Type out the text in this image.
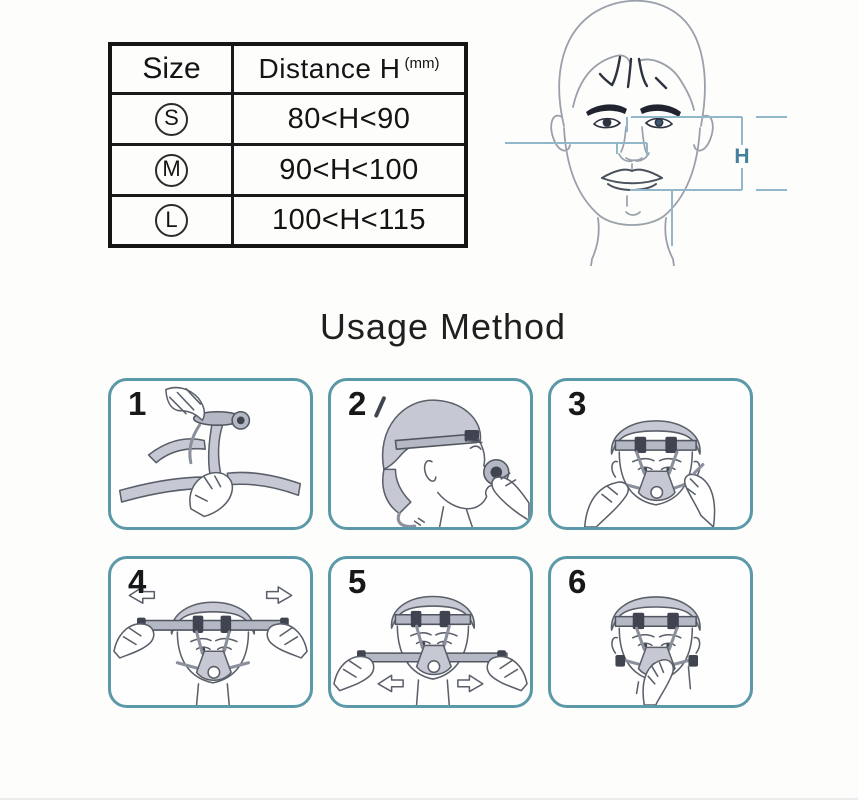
Size	Distance H (mm)
S	80<H<90
M	90<H<100
L	100<H<115
H
Usage Method
1	2	3
4	5	6
